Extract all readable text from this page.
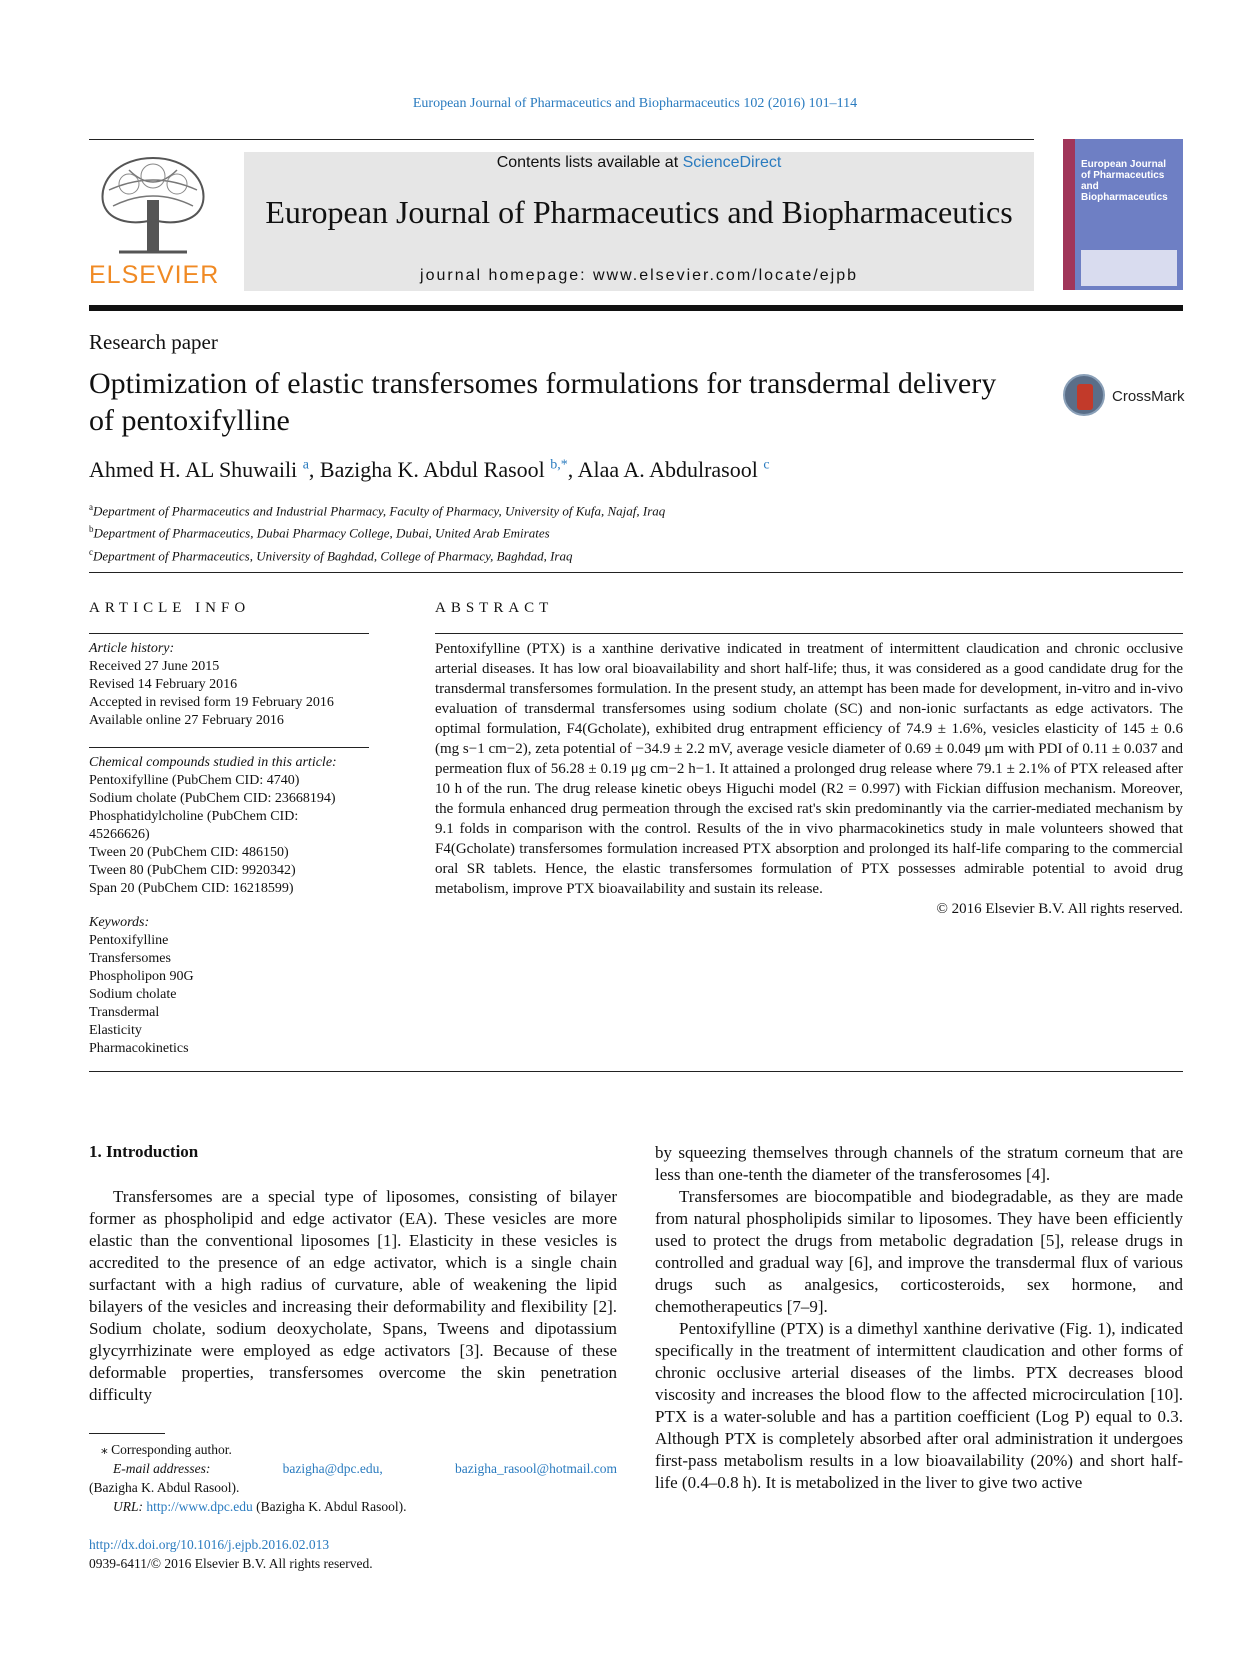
European Journal of Pharmaceutics and Biopharmaceutics 102 (2016) 101–114
ELSEVIER
Contents lists available at ScienceDirect
European Journal of Pharmaceutics and Biopharmaceutics
journal homepage: www.elsevier.com/locate/ejpb
European Journal of Pharmaceutics and Biopharmaceutics
Research paper
Optimization of elastic transfersomes formulations for transdermal delivery of pentoxifylline
CrossMark
Ahmed H. AL Shuwaili $^a$, Bazigha K. Abdul Rasool $^{b,*}$, Alaa A. Abdulrasool $^c$
$^a$Department of Pharmaceutics and Industrial Pharmacy, Faculty of Pharmacy, University of Kufa, Najaf, Iraq
$^b$Department of Pharmaceutics, Dubai Pharmacy College, Dubai, United Arab Emirates
$^c$Department of Pharmaceutics, University of Baghdad, College of Pharmacy, Baghdad, Iraq
ARTICLE INFO	ABSTRACT
Article history:
Received 27 June 2015
Revised 14 February 2016
Accepted in revised form 19 February 2016
Available online 27 February 2016
Chemical compounds studied in this article:
Pentoxifylline (PubChem CID: 4740)
Sodium cholate (PubChem CID: 23668194)
Phosphatidylcholine (PubChem CID:
45266626)
Tween 20 (PubChem CID: 486150)
Tween 80 (PubChem CID: 9920342)
Span 20 (PubChem CID: 16218599)
Keywords:
Pentoxifylline
Transfersomes
Phospholipon 90G
Sodium cholate
Transdermal
Elasticity
Pharmacokinetics

Pentoxifylline (PTX) is a xanthine derivative indicated in treatment of intermittent claudication and chronic occlusive arterial diseases. It has low oral bioavailability and short half-life; thus, it was considered as a good candidate drug for the transdermal transfersomes formulation. In the present study, an attempt has been made for development, in-vitro and in-vivo evaluation of transdermal transfersomes using sodium cholate (SC) and non-ionic surfactants as edge activators. The optimal formulation, F4(Gcholate), exhibited drug entrapment efficiency of 74.9 ± 1.6%, vesicles elasticity of 145 ± 0.6 (mg s−1 cm−2), zeta potential of −34.9 ± 2.2 mV, average vesicle diameter of 0.69 ± 0.049 μm with PDI of 0.11 ± 0.037 and permeation flux of 56.28 ± 0.19 μg cm−2 h−1. It attained a prolonged drug release where 79.1 ± 2.1% of PTX released after 10 h of the run. The drug release kinetic obeys Higuchi model (R2 = 0.997) with Fickian diffusion mechanism. Moreover, the formula enhanced drug permeation through the excised rat's skin predominantly via the carrier-mediated mechanism by 9.1 folds in comparison with the control. Results of the in vivo pharmacokinetics study in male volunteers showed that F4(Gcholate) transfersomes formulation increased PTX absorption and prolonged its half-life comparing to the commercial oral SR tablets. Hence, the elastic transfersomes formulation of PTX possesses admirable potential to avoid drug metabolism, improve PTX bioavailability and sustain its release.

© 2016 Elsevier B.V. All rights reserved.

1. Introduction

Transfersomes are a special type of liposomes, consisting of bilayer former as phospholipid and edge activator (EA). These vesicles are more elastic than the conventional liposomes [1]. Elasticity in these vesicles is accredited to the presence of an edge activator, which is a single chain surfactant with a high radius of curvature, able of weakening the lipid bilayers of the vesicles and increasing their deformability and flexibility [2]. Sodium cholate, sodium deoxycholate, Spans, Tweens and dipotassium glycyrrhizinate were employed as edge activators [3]. Because of these deformable properties, transfersomes overcome the skin penetration difficulty

by squeezing themselves through channels of the stratum corneum that are less than one-tenth the diameter of the transferosomes [4].

Transfersomes are biocompatible and biodegradable, as they are made from natural phospholipids similar to liposomes. They have been efficiently used to protect the drugs from metabolic degradation [5], release drugs in controlled and gradual way [6], and improve the transdermal flux of various drugs such as analgesics, corticosteroids, sex hormone, and chemotherapeutics [7–9].

Pentoxifylline (PTX) is a dimethyl xanthine derivative (Fig. 1), indicated specifically in the treatment of intermittent claudication and other forms of chronic occlusive arterial diseases of the limbs. PTX decreases blood viscosity and increases the blood flow to the affected microcirculation [10]. PTX is a water-soluble and has a partition coefficient (Log P) equal to 0.3. Although PTX is completely absorbed after oral administration it undergoes first-pass metabolism results in a low bioavailability (20%) and short half-life (0.4–0.8 h). It is metabolized in the liver to give two active

⁎ Corresponding author.
E-mail addresses:	bazigha@dpc.edu,	bazigha_rasool@hotmail.com
(Bazigha K. Abdul Rasool).
URL: http://www.dpc.edu (Bazigha K. Abdul Rasool).
http://dx.doi.org/10.1016/j.ejpb.2016.02.013
0939-6411/© 2016 Elsevier B.V. All rights reserved.
